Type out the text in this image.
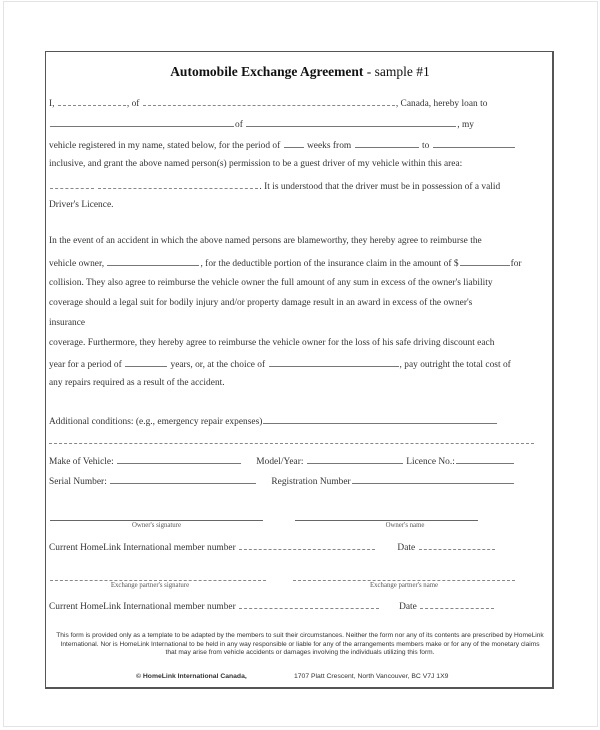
Automobile Exchange Agreement - sample #1
I,	, of	, Canada, hereby loan to
of	, my
vehicle registered in my name, stated below, for the period of  weeks from	to
inclusive, and grant the above named person(s) permission to be a guest driver of my vehicle within this area:
. It is understood that the driver must be in possession of a valid
Driver's Licence.
In the event of an accident in which the above named persons are blameworthy, they hereby agree to reimburse the
vehicle owner,	, for the deductible portion of the insurance claim in the amount of $	for
collision. They also agree to reimburse the vehicle owner the full amount of any sum in excess of the owner's liability
coverage should a legal suit for bodily injury and/or property damage result in an award in excess of the owner's
insurance
coverage. Furthermore, they hereby agree to reimburse the vehicle owner for the loss of his safe driving discount each
year for a period of	years, or, at the choice of	, pay outright the total cost of
any repairs required as a result of the accident.
Additional conditions: (e.g., emergency repair expenses)
Make of Vehicle:	Model/Year:	Licence No.:
Serial Number:	Registration Number
Owner's signature	Owner's name
Current HomeLink International member number	Date
Exchange partner's signature	Exchange partner's name
Current HomeLink International member number	Date
This form is provided only as a template to be adapted by the members to suit their circumstances. Neither the form nor any of its contents are prescribed by HomeLink International. Nor is HomeLink International to be held in any way responsible or liable for any of the arrangements members make or for any of the monetary claims that may arise from vehicle accidents or damages involving the individuals utilizing this form.
© HomeLink International Canada,	1707 Platt Crescent, North Vancouver, BC V7J 1X9
